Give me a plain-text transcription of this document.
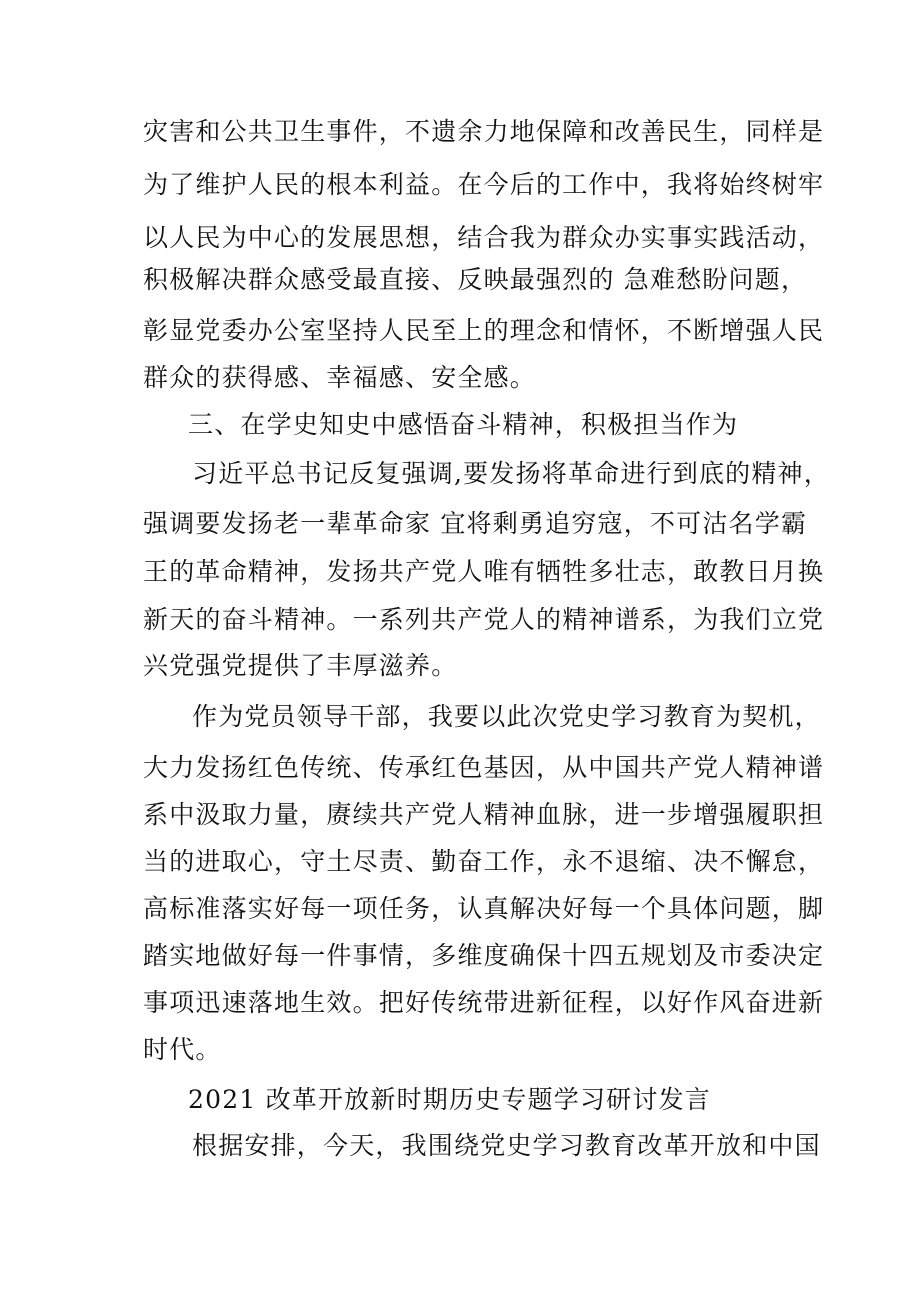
灾害和公共卫生事件，不遗余力地保障和改善民生，同样是
为了维护人民的根本利益。在今后的工作中，我将始终树牢
以人民为中心的发展思想，结合我为群众办实事实践活动，
积极解决群众感受最直接、反映最强烈的 急难愁盼问题，
彰显党委办公室坚持人民至上的理念和情怀，不断增强人民
群众的获得感、幸福感、安全感。
三、在学史知史中感悟奋斗精神，积极担当作为
习近平总书记反复强调,要发扬将革命进行到底的精神，
强调要发扬老一辈革命家 宜将剩勇追穷寇，不可沽名学霸
王的革命精神，发扬共产党人唯有牺牲多壮志，敢教日月换
新天的奋斗精神。一系列共产党人的精神谱系，为我们立党
兴党强党提供了丰厚滋养。
作为党员领导干部，我要以此次党史学习教育为契机，
大力发扬红色传统、传承红色基因，从中国共产党人精神谱
系中汲取力量，赓续共产党人精神血脉，进一步增强履职担
当的进取心，守土尽责、勤奋工作，永不退缩、决不懈怠，
高标准落实好每一项任务，认真解决好每一个具体问题，脚
踏实地做好每一件事情，多维度确保十四五规划及市委决定
事项迅速落地生效。把好传统带进新征程，以好作风奋进新
时代。
2021 改革开放新时期历史专题学习研讨发言
根据安排，今天，我围绕党史学习教育改革开放和中国
